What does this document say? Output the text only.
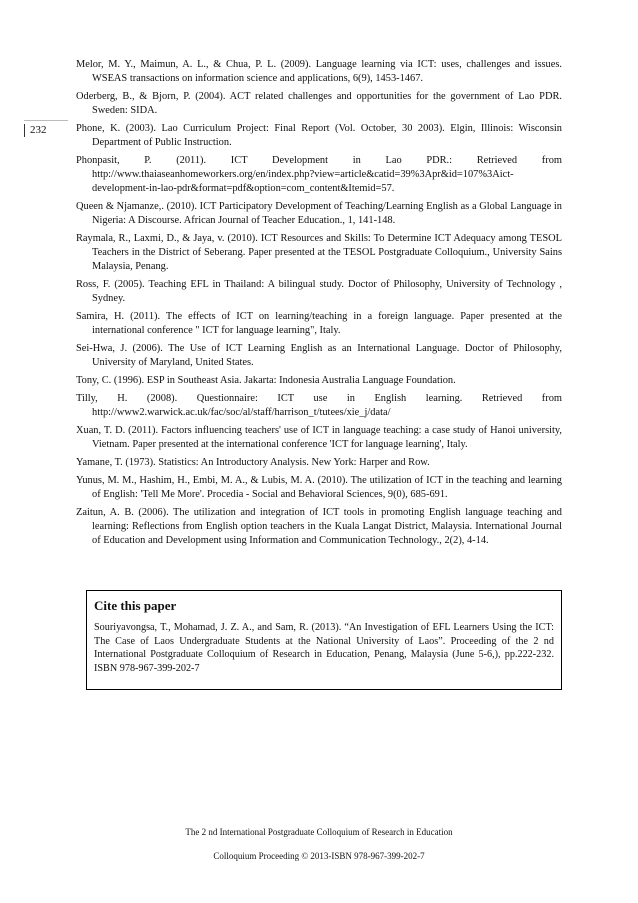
232
Melor, M. Y., Maimun, A. L., & Chua, P. L. (2009). Language learning via ICT: uses, challenges and issues. WSEAS transactions on information science and applications, 6(9), 1453-1467.
Oderberg, B., & Bjorn, P. (2004). ACT related challenges and opportunities for the government of Lao PDR. Sweden: SIDA.
Phone, K. (2003). Lao Curriculum Project: Final Report (Vol. October, 30 2003). Elgin, Illinois: Wisconsin Department of Public Instruction.
Phonpasit, P. (2011). ICT Development in Lao PDR.: Retrieved from http://www.thaiaseanhomeworkers.org/en/index.php?view=article&catid=39%3Apr&id=107%3Aict-development-in-lao-pdr&format=pdf&option=com_content&Itemid=57.
Queen & Njamanze,. (2010). ICT Participatory Development of Teaching/Learning English as a Global Language in Nigeria: A Discourse. African Journal of Teacher Education., 1, 141-148.
Raymala, R., Laxmi, D., & Jaya, v. (2010). ICT Resources and Skills: To Determine ICT Adequacy among TESOL Teachers in the District of Seberang. Paper presented at the TESOL Postgraduate Colloquium., University Sains Malaysia, Penang.
Ross, F. (2005). Teaching EFL in Thailand: A bilingual study. Doctor of Philosophy, University of Technology , Sydney.
Samira, H. (2011). The effects of ICT on learning/teaching in a foreign language. Paper presented at the international conference " ICT for language learning", Italy.
Sei-Hwa, J. (2006). The Use of ICT Learning English as an International Language. Doctor of Philosophy, University of Maryland, United States.
Tony, C. (1996). ESP in Southeast Asia. Jakarta: Indonesia Australia Language Foundation.
Tilly, H. (2008). Questionnaire: ICT use in English learning. Retrieved from http://www2.warwick.ac.uk/fac/soc/al/staff/harrison_t/tutees/xie_j/data/
Xuan, T. D. (2011). Factors influencing teachers' use of ICT in language teaching: a case study of Hanoi university, Vietnam. Paper presented at the international conference 'ICT for language learning', Italy.
Yamane, T. (1973). Statistics: An Introductory Analysis. New York: Harper and Row.
Yunus, M. M., Hashim, H., Embi, M. A., & Lubis, M. A. (2010). The utilization of ICT in the teaching and learning of English: 'Tell Me More'. Procedia - Social and Behavioral Sciences, 9(0), 685-691.
Zaitun, A. B. (2006). The utilization and integration of ICT tools in promoting English language teaching and learning: Reflections from English option teachers in the Kuala Langat District, Malaysia. International Journal of Education and Development using Information and Communication Technology., 2(2), 4-14.

Cite this paper

Souriyavongsa, T., Mohamad, J. Z. A., and Sam, R. (2013). “An Investigation of EFL Learners Using the ICT: The Case of Laos Undergraduate Students at the National University of Laos”. Proceeding of the 2 nd International Postgraduate Colloquium of Research in Education, Penang, Malaysia (June 5-6,), pp.222-232. ISBN 978-967-399-202-7

The 2 nd International Postgraduate Colloquium of Research in Education
Colloquium Proceeding © 2013-ISBN 978-967-399-202-7
